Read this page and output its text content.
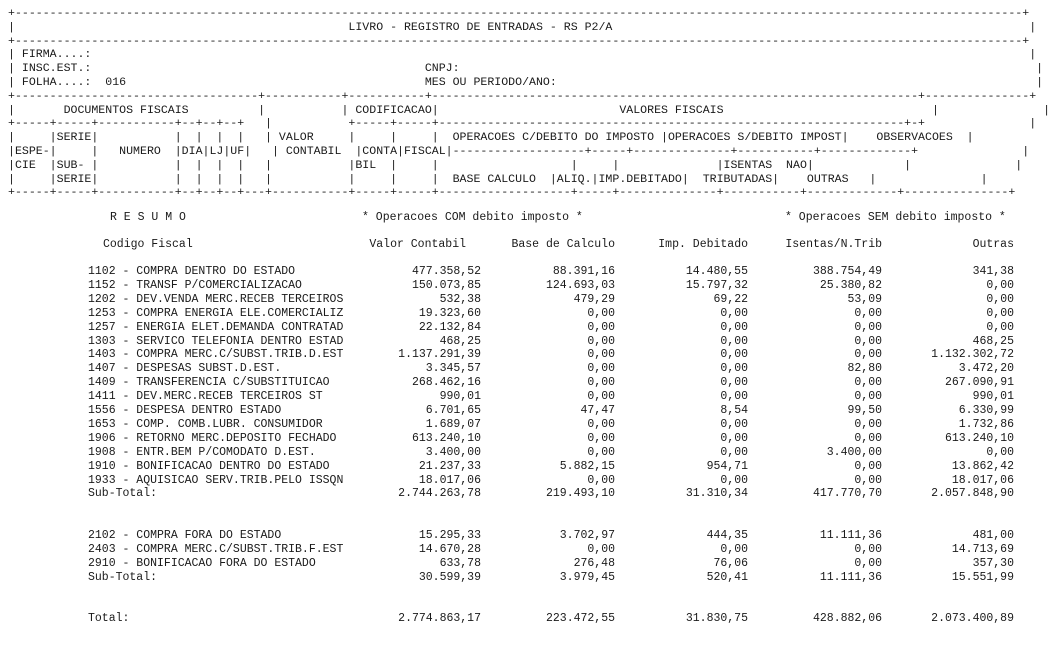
+-------------------------------------------------------------------------------------------------------------------------------------------------+
|                                                LIVRO - REGISTRO DE ENTRADAS - RS P2/A                                                            |
+-------------------------------------------------------------------------------------------------------------------------------------------------+
| FIRMA....:                                                                                                                                       |
| INSC.EST.:                                                CNPJ:                                                                                   |
| FOLHA....:  016                                           MES OU PERIODO/ANO:                                                                     |
+-----------------------------------+-----------+-----------+----------------------------------------------------------------------+---------------+
|       DOCUMENTOS FISCAIS          |           | CODIFICACAO|                          VALORES FISCAIS                              |               |
+-----+-----+-----------+--+--+--+   |           +-----+-----+-------------------------------------------------------------------+-+               |
|     |SERIE|           |  |  |  |   | VALOR     |     |     |  OPERACOES C/DEBITO DO IMPOSTO |OPERACOES S/DEBITO IMPOST|    OBSERVACOES  |
|ESPE-|     |   NUMERO  |DIA|LJ|UF|   | CONTABIL  |CONTA|FISCAL|-------------------+-----+--------------+-----------+-------------+               |
|CIE  |SUB- |           |  |  |  |   |           |BIL  |     |                   |     |              |ISENTAS  NAO|             |               |
|     |SERIE|           |  |  |  |   |           |     |     |  BASE CALCULO  |ALIQ.|IMP.DEBITADO|  TRIBUTADAS|    OUTRAS   |               |
+-----+-----+-----------+--+--+--+---+-----------+-----+-----+-------------------+-----+--------------+-----------+-------------+---------------+
R E S U M O	* Operacoes COM debito imposto *	* Operacoes SEM debito imposto *
Codigo Fiscal	Valor Contabil	Base de Calculo	Imp. Debitado	Isentas/N.Trib	Outras
1102 - COMPRA DENTRO DO ESTADO	477.358,52	88.391,16	14.480,55	388.754,49	341,38
1152 - TRANSF P/COMERCIALIZACAO	150.073,85	124.693,03	15.797,32	25.380,82	0,00
1202 - DEV.VENDA MERC.RECEB TERCEIROS	532,38	479,29	69,22	53,09	0,00
1253 - COMPRA ENERGIA ELE.COMERCIALIZ	19.323,60	0,00	0,00	0,00	0,00
1257 - ENERGIA ELET.DEMANDA CONTRATAD	22.132,84	0,00	0,00	0,00	0,00
1303 - SERVICO TELEFONIA DENTRO ESTAD	468,25	0,00	0,00	0,00	468,25
1403 - COMPRA MERC.C/SUBST.TRIB.D.EST	1.137.291,39	0,00	0,00	0,00	1.132.302,72
1407 - DESPESAS SUBST.D.EST.	3.345,57	0,00	0,00	82,80	3.472,20
1409 - TRANSFERENCIA C/SUBSTITUICAO	268.462,16	0,00	0,00	0,00	267.090,91
1411 - DEV.MERC.RECEB TERCEIROS ST	990,01	0,00	0,00	0,00	990,01
1556 - DESPESA DENTRO ESTADO	6.701,65	47,47	8,54	99,50	6.330,99
1653 - COMP. COMB.LUBR. CONSUMIDOR	1.689,07	0,00	0,00	0,00	1.732,86
1906 - RETORNO MERC.DEPOSITO FECHADO	613.240,10	0,00	0,00	0,00	613.240,10
1908 - ENTR.BEM P/COMODATO D.EST.	3.400,00	0,00	0,00	3.400,00	0,00
1910 - BONIFICACAO DENTRO DO ESTADO	21.237,33	5.882,15	954,71	0,00	13.862,42
1933 - AQUISICAO SERV.TRIB.PELO ISSQN	18.017,06	0,00	0,00	0,00	18.017,06
Sub-Total:	2.744.263,78	219.493,10	31.310,34	417.770,70	2.057.848,90
2102 - COMPRA FORA DO ESTADO	15.295,33	3.702,97	444,35	11.111,36	481,00
2403 - COMPRA MERC.C/SUBST.TRIB.F.EST	14.670,28	0,00	0,00	0,00	14.713,69
2910 - BONIFICACAO FORA DO ESTADO	633,78	276,48	76,06	0,00	357,30
Sub-Total:	30.599,39	3.979,45	520,41	11.111,36	15.551,99
Total:	2.774.863,17	223.472,55	31.830,75	428.882,06	2.073.400,89
